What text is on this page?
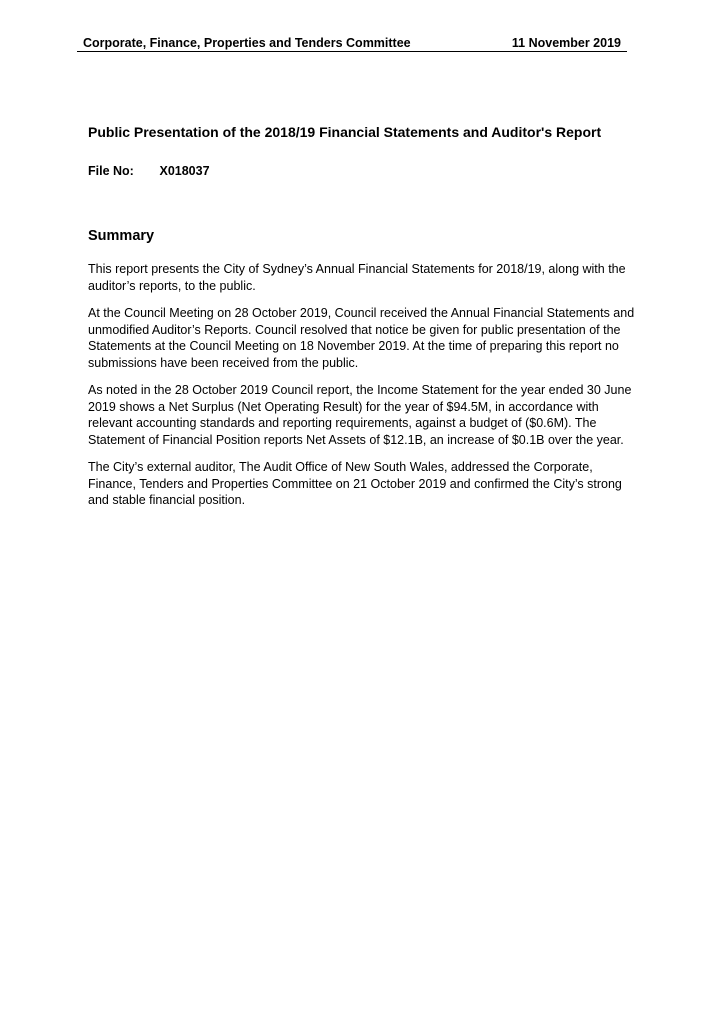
Corporate, Finance, Properties and Tenders Committee	11 November 2019
Public Presentation of the 2018/19 Financial Statements and Auditor's Report
File No: X018037
Summary

This report presents the City of Sydney’s Annual Financial Statements for 2018/19, along with the auditor’s reports, to the public.

At the Council Meeting on 28 October 2019, Council received the Annual Financial Statements and unmodified Auditor’s Reports. Council resolved that notice be given for public presentation of the Statements at the Council Meeting on 18 November 2019. At the time of preparing this report no submissions have been received from the public.

As noted in the 28 October 2019 Council report, the Income Statement for the year ended 30 June 2019 shows a Net Surplus (Net Operating Result) for the year of $94.5M, in accordance with relevant accounting standards and reporting requirements, against a budget of ($0.6M). The Statement of Financial Position reports Net Assets of $12.1B, an increase of $0.1B over the year.

The City’s external auditor, The Audit Office of New South Wales, addressed the Corporate, Finance, Tenders and Properties Committee on 21 October 2019 and confirmed the City’s strong and stable financial position.
